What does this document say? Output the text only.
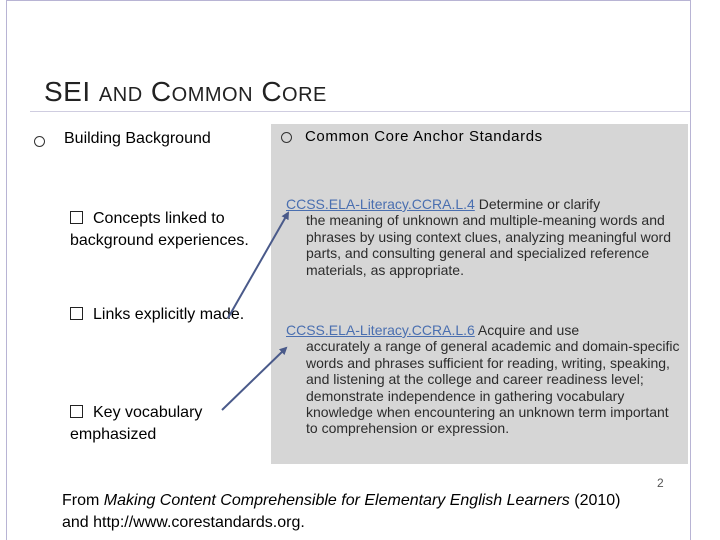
SEI AND COMMON CORE
Building Background
Concepts linked to background experiences.
Links explicitly made.
Key vocabulary emphasized
Common Core Anchor Standards
CCSS.ELA-Literacy.CCRA.L.4 Determine or clarify
the meaning of unknown and multiple-meaning words and phrases by using context clues, analyzing meaningful word parts, and consulting general and specialized reference materials, as appropriate.
CCSS.ELA-Literacy.CCRA.L.6 Acquire and use
accurately a range of general academic and domain-specific words and phrases sufficient for reading, writing, speaking, and listening at the college and career readiness level; demonstrate independence in gathering vocabulary knowledge when encountering an unknown term important to comprehension or expression.
From Making Content Comprehensible for Elementary English Learners (2010) and http://www.corestandards.org.
2
